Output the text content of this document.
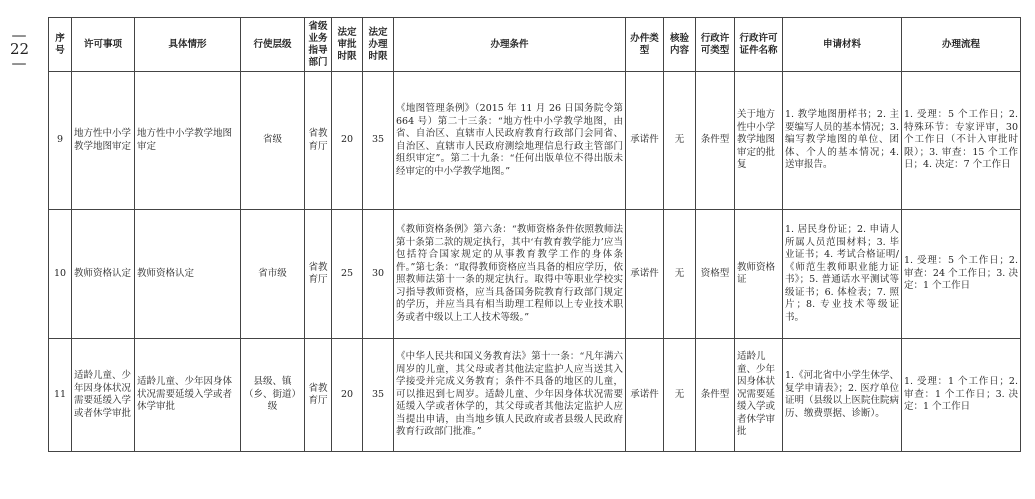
—
22
—
序号	许可事项	具体情形	行使层级	省级业务指导部门	法定审批时限	法定办理时限	办理条件	办件类型	核验内容	行政许可类型	行政许可证件名称	申请材料	办理流程
9	地方性中小学教学地图审定	地方性中小学教学地图审定	省级	省教育厅	20	35	《地图管理条例》（2015 年 11 月 26 日国务院令第 664 号）第二十三条：“地方性中小学教学地图，由省、自治区、直辖市人民政府教育行政部门会同省、自治区、直辖市人民政府测绘地理信息行政主管部门组织审定”。第二十九条：“任何出版单位不得出版未经审定的中小学教学地图。”	承诺件	无	条件型	关于地方性中小学教学地图审定的批复	1. 教学地图册样书；2. 主要编写人员的基本情况；3. 编写教学地图的单位、团体、个人的基本情况；4. 送审报告。	1. 受理：5 个工作日；2. 特殊环节：专家评审，30 个工作日（不计入审批时限）；3. 审查：15 个工作日；4. 决定：7 个工作日
10	教师资格认定	教师资格认定	省市级	省教育厅	25	30	《教师资格条例》第六条：“教师资格条件依照教师法第十条第二款的规定执行，其中‘有教育教学能力’应当包括符合国家规定的从事教育教学工作的身体条件。”第七条：“取得教师资格应当具备的相应学历，依照教师法第十一条的规定执行。取得中等职业学校实习指导教师资格，应当具备国务院教育行政部门规定的学历，并应当具有相当助理工程师以上专业技术职务或者中级以上工人技术等级。”	承诺件	无	资格型	教师资格证	1. 居民身份证；2. 申请人所属人员范围材料；3. 毕业证书；4. 考试合格证明/《师范生教师职业能力证书》；5. 普通话水平测试等级证书；6. 体检表；7. 照片；8. 专业技术等级证书。	1. 受理：5 个工作日；2. 审查：24 个工作日；3. 决定：1 个工作日
11	适龄儿童、少年因身体状况需要延缓入学或者休学审批	适龄儿童、少年因身体状况需要延缓入学或者休学审批	县级、镇（乡、街道）级	省教育厅	20	35	《中华人民共和国义务教育法》第十一条：“凡年满六周岁的儿童，其父母或者其他法定监护人应当送其入学接受并完成义务教育；条件不具备的地区的儿童，可以推迟到七周岁。适龄儿童、少年因身体状况需要延缓入学或者休学的，其父母或者其他法定监护人应当提出申请，由当地乡镇人民政府或者县级人民政府教育行政部门批准。”	承诺件	无	条件型	适龄儿童、少年因身体状况需要延缓入学或者休学审批	1.《河北省中小学生休学、复学申请表》；2. 医疗单位证明（县级以上医院住院病历、缴费票据、诊断）。	1. 受理：1 个工作日；2. 审查：1 个工作日；3. 决定：1 个工作日
